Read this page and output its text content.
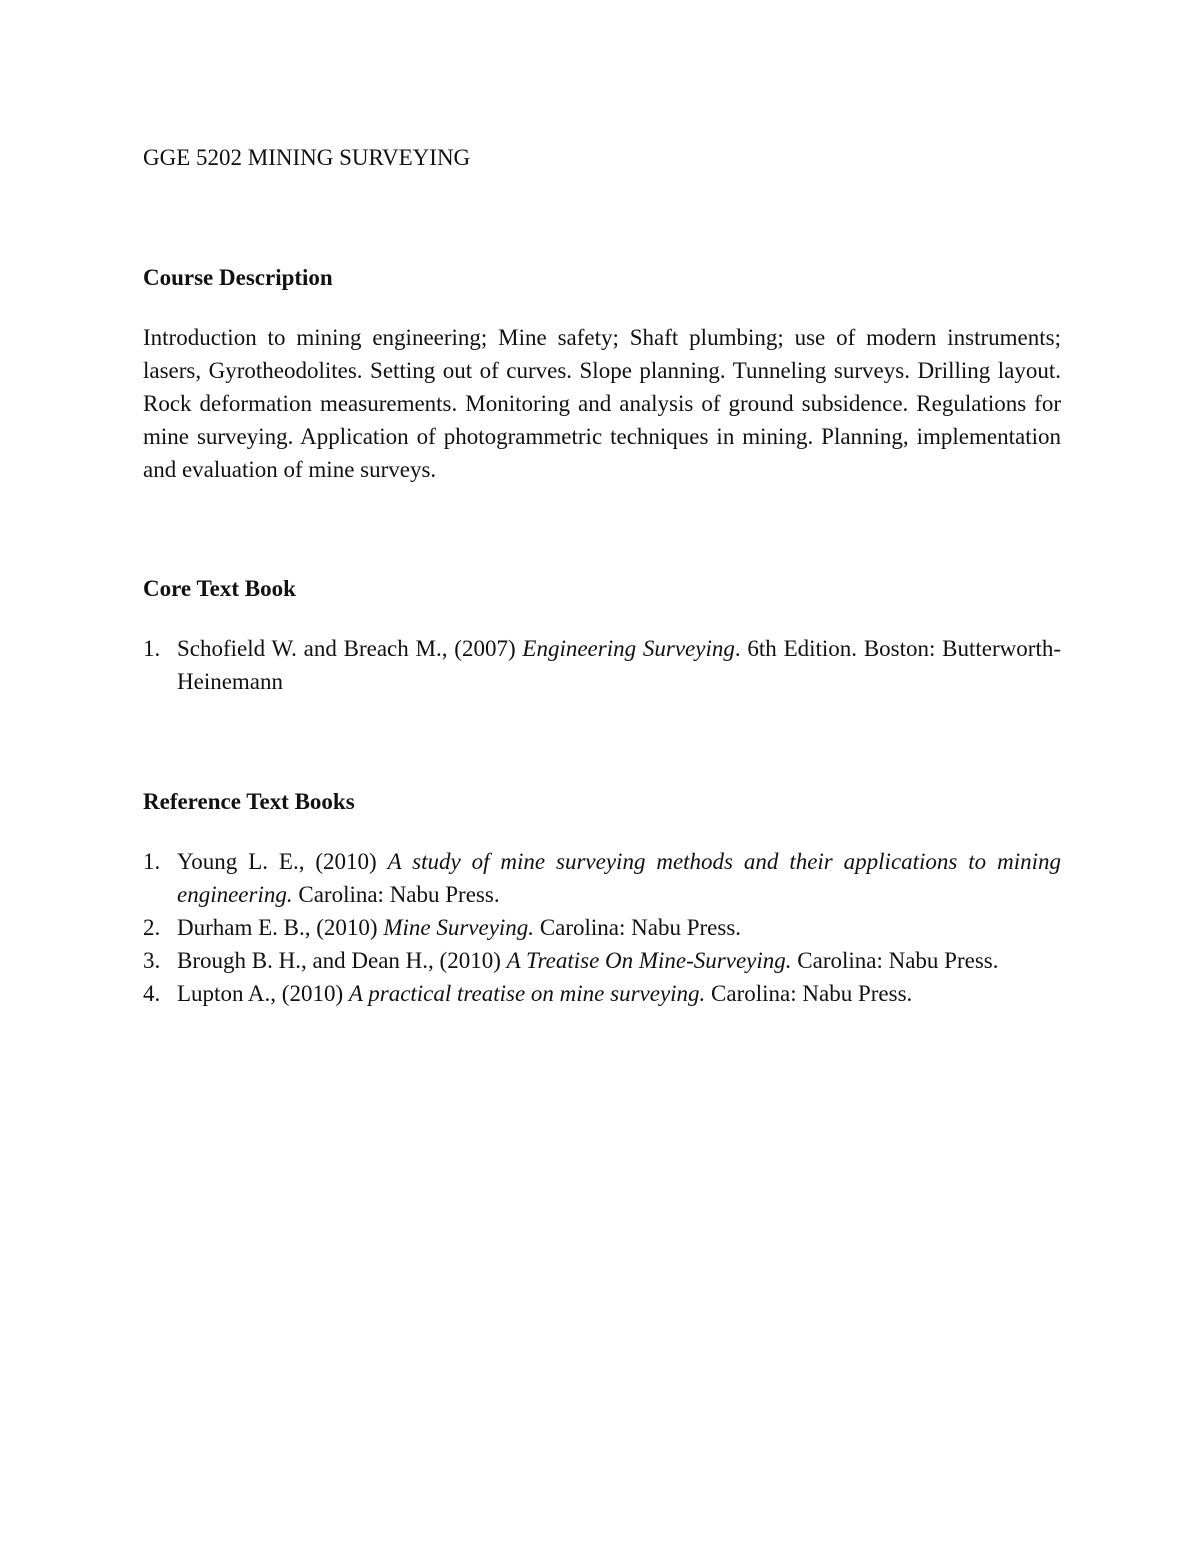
GGE 5202 MINING SURVEYING
Course Description

Introduction to mining engineering; Mine safety; Shaft plumbing; use of modern instruments; lasers, Gyrotheodolites. Setting out of curves. Slope planning. Tunneling surveys. Drilling layout. Rock deformation measurements. Monitoring and analysis of ground subsidence. Regulations for mine surveying. Application of photogrammetric techniques in mining. Planning, implementation and evaluation of mine surveys.

Core Text Book
1. Schofield W. and Breach M., (2007) Engineering Surveying. 6th Edition. Boston: Butterworth-Heinemann
Reference Text Books
1. Young L. E., (2010) A study of mine surveying methods and their applications to mining engineering. Carolina: Nabu Press.
2. Durham E. B., (2010) Mine Surveying. Carolina: Nabu Press.
3. Brough B. H., and Dean H., (2010) A Treatise On Mine-Surveying. Carolina: Nabu Press.
4. Lupton A., (2010) A practical treatise on mine surveying. Carolina: Nabu Press.
